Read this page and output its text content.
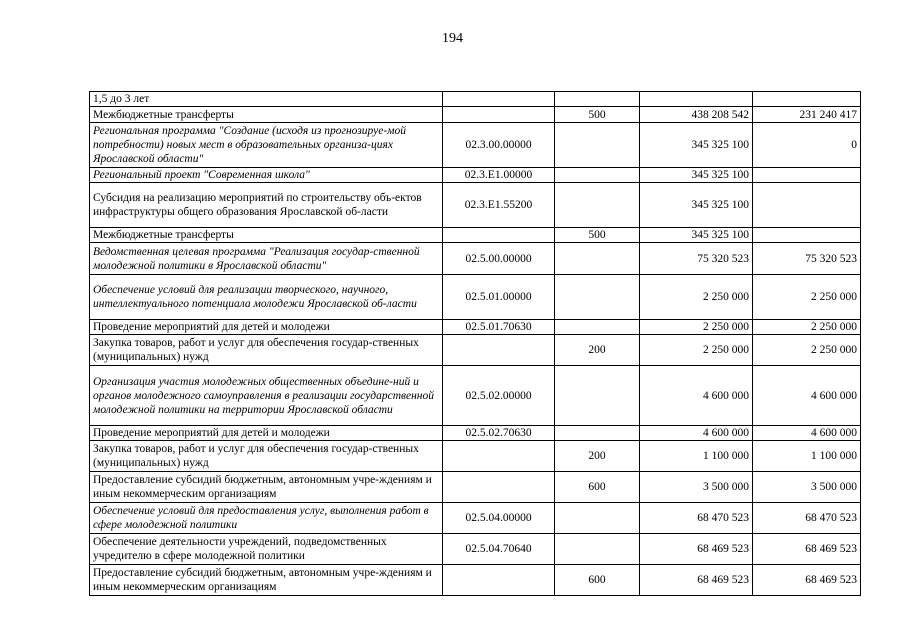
194
1,5 до 3 лет				
Межбюджетные трансферты		500	438 208 542	231 240 417
Региональная программа "Создание (исходя из прогнозируе-мой потребности) новых мест в образовательных организа-циях Ярославской области"	02.3.00.00000		345 325 100	0
Региональный проект "Современная школа"	02.3.Е1.00000		345 325 100	
Субсидия на реализацию мероприятий по строительству объ-ектов инфраструктуры общего образования Ярославской об-ласти	02.3.Е1.55200		345 325 100	
Межбюджетные трансферты		500	345 325 100	
Ведомственная целевая программа "Реализация государ-ственной молодежной политики в Ярославской области"	02.5.00.00000		75 320 523	75 320 523
Обеспечение условий для реализации творческого, научного, интеллектуального потенциала молодежи Ярославской об-ласти	02.5.01.00000		2 250 000	2 250 000
Проведение мероприятий для детей и молодежи	02.5.01.70630		2 250 000	2 250 000
Закупка товаров, работ и услуг для обеспечения государ-ственных (муниципальных) нужд		200	2 250 000	2 250 000
Организация участия молодежных общественных объедине-ний и органов молодежного самоуправления в реализации государственной молодежной политики на территории Ярославской области	02.5.02.00000		4 600 000	4 600 000
Проведение мероприятий для детей и молодежи	02.5.02.70630		4 600 000	4 600 000
Закупка товаров, работ и услуг для обеспечения государ-ственных (муниципальных) нужд		200	1 100 000	1 100 000
Предоставление субсидий бюджетным, автономным учре-ждениям и иным некоммерческим организациям		600	3 500 000	3 500 000
Обеспечение условий для предоставления услуг, выполнения работ в сфере молодежной политики	02.5.04.00000		68 470 523	68 470 523
Обеспечение деятельности учреждений, подведомственных учредителю в сфере молодежной политики	02.5.04.70640		68 469 523	68 469 523
Предоставление субсидий бюджетным, автономным учре-ждениям и иным некоммерческим организациям		600	68 469 523	68 469 523
